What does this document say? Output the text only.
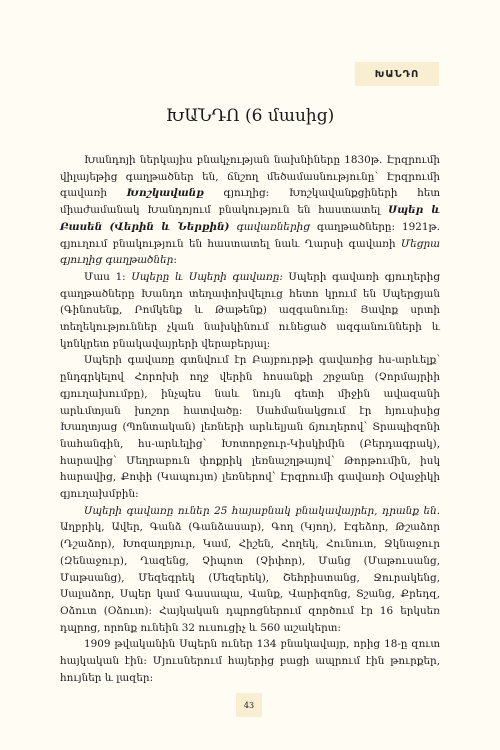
ԽԱՆԴՈ
ԽԱՆԴՈ (6 մասից)

Խանդոյի ներկայիս բնակչության նախնիները 1830թ. Էրզրումի վիլայեթից գաղթածներ են, ճնշող մեծամասնությունը՝ Էրզրումի գավառի Խոշկավանք գյուղից: Խոշկավանքցիների հետ միաժամանակ Խանդոյում բնակություն են հաստատել Սպեր և Բասեն (Վերին և Ներքին) գավառներից գաղթածները: 1921թ. գյուղում բնակություն են հաստատել նաև Ղարսի գավառի Մեցրա գյուղից գաղթածներ:

Մաս 1: Սպերը և Սպերի գավառը: Սպերի գավառի գյուղերից գաղթածները Խանդո տեղափոխվելուց հետո կրում են Սպերցյան (Գինոսենք, Րոմկենք և Թաթենք) ազգանունը: Յավոք սրտի տեղեկություններ չկան նախկինում ունեցած ազգանունների և կոնկրետ բնակավայրերի վերաբերյալ:

Սպերի գավառը գտնվում էր Բայբուրթի գավառից հս-արևելք՝ ընդգրկելով Հորոխի ողջ վերին հոսանքի շրջանը (Չորմայրիի գյուղախումբը), ինչպես նաև նույն գետի միջին ավազանի արևմտյան խոշոր հատվածը: Սահմանակցում էր հյուսիսից Խաղտյաց (Պոնտական) լեռների արևելյան ճյուղերով՝ Տրապիզոնի նահանգին, հս-արևելից՝ Խոտորջուր-Կիսկիմին (Բերդագրակ), հարավից՝ Մեղրաբուն փոքրիկ լեռնաշղթայով՝ Թորթումին, իսկ հարավից, Քոփի (Կապույտ) լեռներով՝ Էրզրումի գավառի Օվաջիկի գյուղախմբին:

Սպերի գավառը ուներ 25 հայաբնակ բնակավայրեր, դրանք են. Աղբրիկ, Ավեր, Գանձ (Գանձասար), Գող (Կյող), Էգեձոր, Թշաձոր (Դշաձոր), Խոզաղբյուր, Կամ, Հիշեն, Հողեկ, Հունուտ, Ջկնաջուր (Զենաջուր), Ղազենց, Չիպոտ (Չիփոր), Մանց (Մաթուսանց, Մաթսանց), Մեզեգրեկ (Մեզերեկ), Շեհրիստանց, Ջուրակենց, Սալաձոր, Սպեր կամ Գասապա, Վանք, Վարիզոնց, Տշանց, Քրեդզ, Օձուտ (Օձուտ): Հայկական դպրոցներում զործում էր 16 երկսեռ դպրոց, որոնք ունեին 32 ուսուցիչ և 560 աշակերտ:

1909 թվականին Սպերն ուներ 134 բնակավայր, որից 18-ը զուտ հայկական էին: Մյուսներում հայերից բացի ապրում էին թուրքեր, հույներ և լազեր:

43
